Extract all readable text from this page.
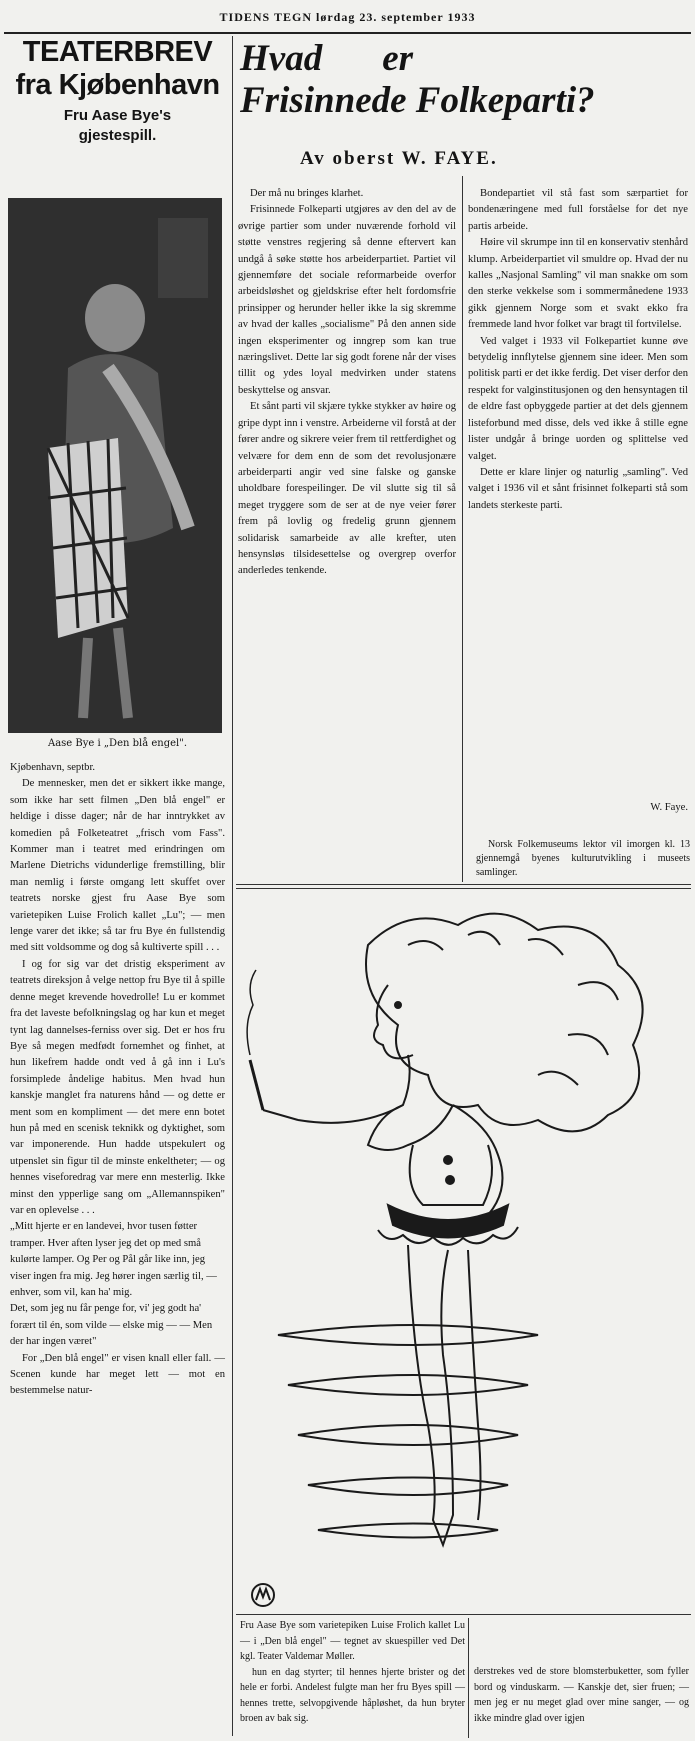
TIDENS TEGN lørdag 23. september 1933
TEATERBREV
fra Kjøbenhavn
Fru Aase Bye's
gjestespill.
Aase Bye i „Den blå engel".

Kjøbenhavn, septbr.

De mennesker, men det er sikkert ikke mange, som ikke har sett filmen „Den blå engel" er heldige i disse dager; når de har inntrykket av komedien på Folketeatret „frisch vom Fass". Kommer man i teatret med erindringen om Marlene Dietrichs vidunderlige fremstilling, blir man nemlig i første omgang lett skuffet over teatrets norske gjest fru Aase Bye som varietepiken Luise Frolich kallet „Lu"; — men lenge varer det ikke; så tar fru Bye én fullstendig med sitt voldsomme og dog så kultiverte spill . . .

I og for sig var det dristig eksperiment av teatrets direksjon å velge nettop fru Bye til å spille denne meget krevende hovedrolle! Lu er kommet fra det laveste befolkningslag og har kun et meget tynt lag dannelses-ferniss over sig. Det er hos fru Bye så megen medfødt fornemhet og finhet, at hun likefrem hadde ondt ved å gå inn i Lu's forsimplede åndelige habitus. Men hvad hun kanskje manglet fra naturens hånd — og dette er ment som en kompliment — det mere enn botet hun på med en scenisk teknikk og dyktighet, som var imponerende. Hun hadde utspekulert og utpenslet sin figur til de minste enkeltheter; — og hennes viseforedrag var mere enn mesterlig. Ikke minst den ypperlige sang om „Allemannspiken" var en oplevelse . . .

„Mitt hjerte er en landevei, hvor tusen føtter tramper. Hver aften lyser jeg det op med små kulørte lamper. Og Per og Pål går like inn, jeg viser ingen fra mig. Jeg hører ingen særlig til, — enhver, som vil, kan ha' mig.

Det, som jeg nu får penge for, vi' jeg godt ha' forært til én, som vilde — elske mig — — Men der har ingen været"

For „Den blå engel" er visen knall eller fall. — Scenen kunde har meget lett — mot en bestemmelse natur-

Hvad er
Frisinnede Folkeparti?
Av oberst W. FAYE.

Der må nu bringes klarhet.

Frisinnede Folkeparti utgjøres av den del av de øvrige partier som under nuværende forhold vil støtte venstres regjering så denne eftervert kan undgå å søke støtte hos arbeiderpartiet. Partiet vil gjennemføre det sociale reformarbeide overfor arbeidsløshet og gjeldskrise efter helt fordomsfrie prinsipper og herunder heller ikke la sig skremme av hvad der kalles „socialisme" På den annen side ingen eksperimenter og inngrep som kan true næringslivet. Dette lar sig godt forene når der vises tillit og ydes loyal medvirken under statens beskyttelse og ansvar.

Et sånt parti vil skjære tykke stykker av høire og gripe dypt inn i venstre. Arbeiderne vil forstå at der fører andre og sikrere veier frem til rettferdighet og velvære for dem enn de som det revolusjonære arbeiderparti angir ved sine falske og ganske uholdbare forespeilinger. De vil slutte sig til så meget tryggere som de ser at de nye veier fører frem på lovlig og fredelig grunn gjennem solidarisk samarbeide av alle krefter, uten hensynsløs tilsidesettelse og overgrep overfor anderledes tenkende.

Bondepartiet vil stå fast som særpartiet for bondenæringene med full forståelse for det nye partis arbeide.

Høire vil skrumpe inn til en konservativ stenhård klump. Arbeiderpartiet vil smuldre op. Hvad der nu kalles „Nasjonal Samling" vil man snakke om som den sterke vekkelse som i sommermånedene 1933 gikk gjennem Norge som et svakt ekko fra fremmede land hvor folket var bragt til fortvilelse.

Ved valget i 1933 vil Folkepartiet kunne øve betydelig innflytelse gjennem sine ideer. Men som politisk parti er det ikke ferdig. Det viser derfor den respekt for valginstitusjonen og den hensyntagen til de eldre fast opbyggede partier at det dels gjennem listeforbund med disse, dels ved ikke å stille egne lister undgår å bringe uorden og splittelse ved valget.

Dette er klare linjer og naturlig „samling". Ved valget i 1936 vil et sånt frisinnet folkeparti stå som landets sterkeste parti.

W. Faye.
Norsk Folkemuseums lektor vil imorgen kl. 13 gjennemgå byenes kulturutvikling i museets samlinger.

Fru Aase Bye som varietepiken Luise Frolich kallet Lu — i „Den blå engel" — tegnet av skuespiller ved Det kgl. Teater Valdemar Møller.

hun en dag styrter; til hennes hjerte brister og det hele er forbi. Andelest fulgte man her fru Byes spill — hennes trette, selvopgivende håpløshet, da hun bryter broen av bak sig.

derstrekes ved de store blomsterbuketter, som fyller bord og vinduskarm. — Kanskje det, sier fruen; — men jeg er nu meget glad over mine sanger, — og ikke mindre glad over igjen
